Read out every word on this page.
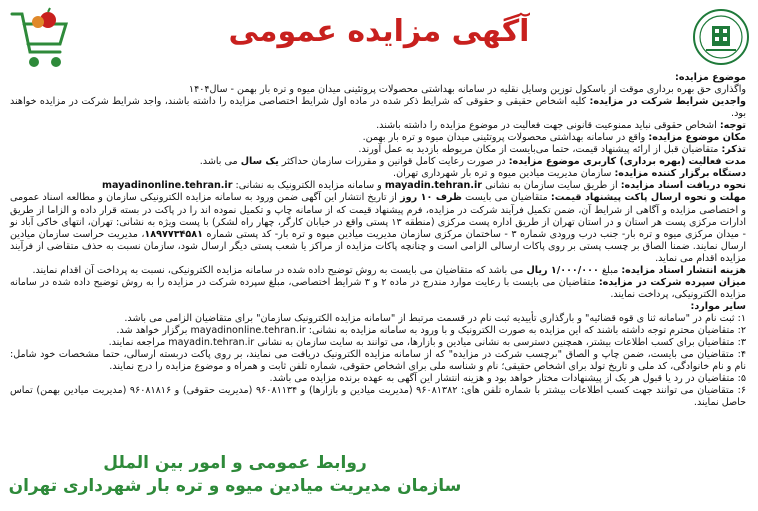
آگهی مزایده عمومی

موضوع مزایده:

واگذاری حق بهره برداری موقت از باسکول توزین وسایل نقلیه در سامانه بهداشتی محصولات پروتئینی میدان میوه و تره بار بهمن - سال۱۴۰۴

واجدین شرایط شرکت در مزایده: کلیه اشخاص حقیقی و حقوقی که شرایط ذکر شده در ماده اول شرایط اختصاصی مزایده را داشته باشند، واجد شرایط شرکت در مزایده خواهند بود.

توجه: اشخاص حقوقی نباید ممنوعیت قانونی جهت فعالیت در موضوع مزایده را داشته باشند.

مکان موضوع مزایده: واقع در سامانه بهداشتی محصولات پروتئینی میدان میوه و تره بار بهمن.

تذکر: متقاضیان قبل از ارائه پیشنهاد قیمت، حتما می‌بایست از مکان مربوطه بازدید به عمل آورند.

مدت فعالیت (بهره برداری) کاربری موضوع مزایده: در صورت رعایت کامل قوانین و مقررات سازمان حداکثر یک سال می باشد.

دستگاه برگزار کننده مزایده: سازمان مدیریت میادین میوه و تره بار شهرداری تهران.

نحوه دریافت اسناد مزایده: از طریق سایت سازمان به نشانی mayadin.tehran.ir و سامانه مزایده الکترونیک به نشانی: mayadinonline.tehran.ir

مهلت و نحوه ارسال پاکت پیشنهاد قیمت: متقاضیان می بایست ظرف ۱۰ روز از تاریخ انتشار این آگهی ضمن ورود به سامانه مزایده الکترونیکی سازمان و مطالعه اسناد عمومی و اختصاصی مزایده و آگاهی از شرایط آن، ضمن تکمیل فرآیند شرکت در مزایده، فرم پیشنهاد قیمت که از سامانه چاپ و تکمیل نموده اند را در پاکت در بسته قرار داده و الزاما از طریق ادارات مرکزی پست هر استان و در استان تهران از طریق اداره پست مرکزی (منطقه ۱۳ پستی واقع در خیابان کارگر، چهار راه لشکر) با پست ویژه به نشانی: تهران، انتهای خاکی آباد نو - میدان مرکزی میوه و تره بار- جنب درب ورودی شماره ۳ - ساختمان مرکزی سازمان مدیریت میادین میوه و تره بار- کد پستی شماره ۱۸۹۷۷۳۴۵۸۱، مدیریت حراست سازمان میادین ارسال نمایند. ضمنا الصاق بر چسب پستی بر روی پاکات ارسالی الزامی است و چنانچه پاکات مزایده از مراکز یا شعب پستی دیگر ارسال شود، سازمان نسبت به حذف متقاضی از فرآیند مزایده اقدام می نماید.

هزینه انتشار اسناد مزایده: مبلغ ۱/۰۰۰/۰۰۰ ریال می باشد که متقاضیان می بایست به روش توضیح داده شده در سامانه مزایده الکترونیکی، نسبت به پرداخت آن اقدام نمایند.

میزان سپرده شرکت در مزایده: متقاضیان می بایست با رعایت موارد مندرج در ماده ۲ و ۳ شرایط اختصاصی، مبلغ سپرده شرکت در مزایده را به روش توضیح داده شده در سامانه مزایده الکترونیکی، پرداخت نمایند.

سایر موارد:

۱: ثبت نام در "سامانه ثنا ی قوه قضائیه" و بارگذاری تأییدیه ثبت نام در قسمت مرتبط از "سامانه مزایده الکترونیک سازمان" برای متقاضیان الزامی می باشد.

۲: متقاضیان محترم توجه داشته باشند که این مزایده به صورت الکترونیک و با ورود به سامانه مزایده به نشانی: mayadinonline.tehran.ir برگزار خواهد شد.

۳: متقاضیان برای کسب اطلاعات بیشتر، همچنین دسترسی به نشانی میادین و بازارها، می توانند به سایت سازمان به نشانی mayadin.tehran.ir مراجعه نمایند.

۴: متقاضیان می بایست، ضمن چاپ و الصاق "برچسب شرکت در مزایده" که از سامانه مزایده الکترونیک دریافت می نمایند، بر روی پاکت دربسته ارسالی، حتما مشخصات خود شامل: نام و نام خانوادگی، کد ملی و تاریخ تولد برای اشخاص حقیقی؛ نام و شناسه ملی برای اشخاص حقوقی، شماره تلفن ثابت و همراه و موضوع مزایده را درج نمایند.

۵: متقاضیان در رد یا قبول هر یک از پیشنهادات مختار خواهد بود و هزینه انتشار این آگهی به عهده برنده مزایده می باشد.

۶: متقاضیان می توانند جهت کسب اطلاعات بیشتر با شماره تلفن های: ۹۶۰۸۱۳۸۲ (مدیریت میادین و بازارها) و ۹۶۰۸۱۱۳۴ (مدیریت حقوقی) و ۹۶۰۸۱۸۱۶ (مدیریت میادین بهمن) تماس حاصل نمایند.

روابط عمومی و امور بین الملل
سازمان مدیریت میادین میوه و تره بار شهرداری تهران
